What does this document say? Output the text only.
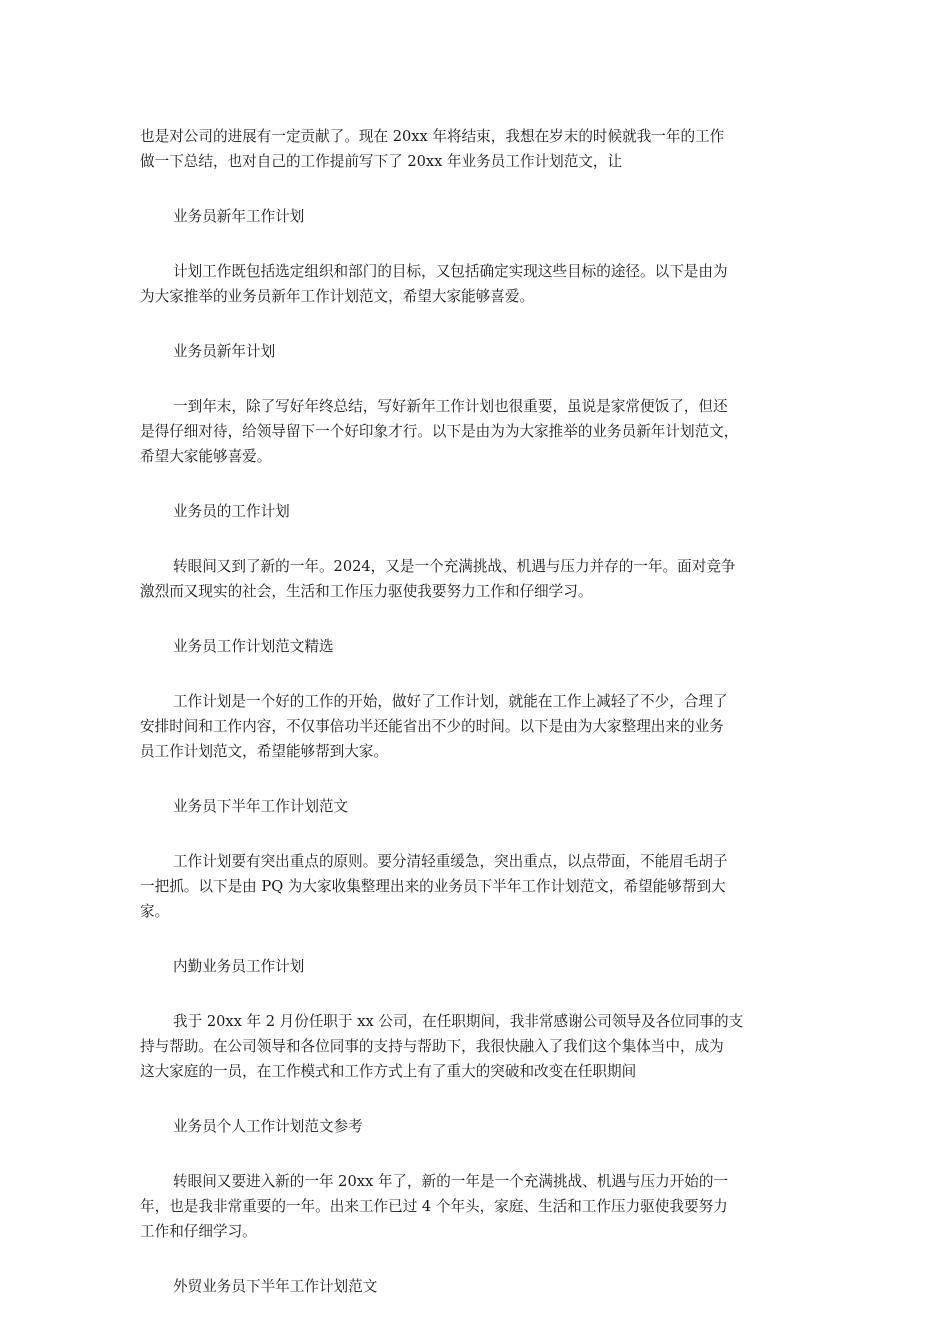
也是对公司的进展有一定贡献了。现在 20xx 年将结束，我想在岁末的时候就我一年的工作
做一下总结，也对自己的工作提前写下了 20xx 年业务员工作计划范文，让
业务员新年工作计划
计划工作既包括选定组织和部门的目标，又包括确定实现这些目标的途径。以下是由为
为大家推举的业务员新年工作计划范文，希望大家能够喜爱。
业务员新年计划
一到年末，除了写好年终总结，写好新年工作计划也很重要，虽说是家常便饭了，但还
是得仔细对待，给领导留下一个好印象才行。以下是由为为大家推举的业务员新年计划范文，
希望大家能够喜爱。
业务员的工作计划
转眼间又到了新的一年。2024，又是一个充满挑战、机遇与压力并存的一年。面对竞争
激烈而又现实的社会，生活和工作压力驱使我要努力工作和仔细学习。
业务员工作计划范文精选
工作计划是一个好的工作的开始，做好了工作计划，就能在工作上减轻了不少，合理了
安排时间和工作内容，不仅事倍功半还能省出不少的时间。以下是由为大家整理出来的业务
员工作计划范文，希望能够帮到大家。
业务员下半年工作计划范文
工作计划要有突出重点的原则。要分清轻重缓急，突出重点，以点带面，不能眉毛胡子
一把抓。以下是由 PQ 为大家收集整理出来的业务员下半年工作计划范文，希望能够帮到大
家。
内勤业务员工作计划
我于 20xx 年 2 月份任职于 xx 公司，在任职期间，我非常感谢公司领导及各位同事的支
持与帮助。在公司领导和各位同事的支持与帮助下，我很快融入了我们这个集体当中，成为
这大家庭的一员，在工作模式和工作方式上有了重大的突破和改变在任职期间
业务员个人工作计划范文参考
转眼间又要进入新的一年 20xx 年了，新的一年是一个充满挑战、机遇与压力开始的一
年，也是我非常重要的一年。出来工作已过 4 个年头，家庭、生活和工作压力驱使我要努力
工作和仔细学习。
外贸业务员下半年工作计划范文
